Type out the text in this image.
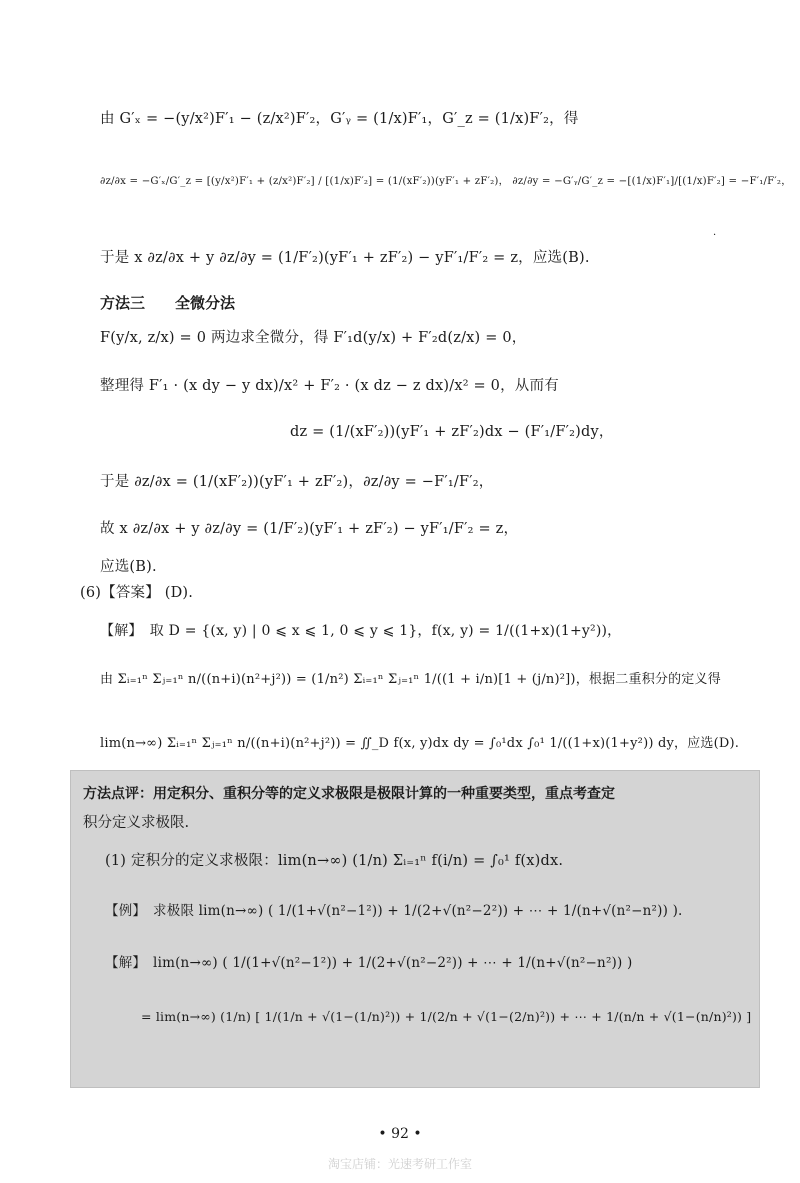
由 G′ₓ = −(y/x²)F′₁ − (z/x²)F′₂，G′ᵧ = (1/x)F′₁，G′_z = (1/x)F′₂，得
∂z/∂x = −G′ₓ/G′_z = [(y/x²)F′₁ + (z/x²)F′₂] / [(1/x)F′₂] = (1/(xF′₂))(yF′₁ + zF′₂)， ∂z/∂y = −G′ᵧ/G′_z = −[(1/x)F′₁]/[(1/x)F′₂] = −F′₁/F′₂，
·
于是 x ∂z/∂x + y ∂z/∂y = (1/F′₂)(yF′₁ + zF′₂) − yF′₁/F′₂ = z，应选(B).
方法三　　全微分法
F(y/x, z/x) = 0 两边求全微分，得 F′₁d(y/x) + F′₂d(z/x) = 0，
整理得 F′₁ · (x dy − y dx)/x² + F′₂ · (x dz − z dx)/x² = 0，从而有
dz = (1/(xF′₂))(yF′₁ + zF′₂)dx − (F′₁/F′₂)dy，
于是 ∂z/∂x = (1/(xF′₂))(yF′₁ + zF′₂)，∂z/∂y = −F′₁/F′₂，
故 x ∂z/∂x + y ∂z/∂y = (1/F′₂)(yF′₁ + zF′₂) − yF′₁/F′₂ = z，
应选(B).
(6)【答案】 (D).
【解】　取 D = {(x, y) | 0 ⩽ x ⩽ 1, 0 ⩽ y ⩽ 1}，f(x, y) = 1/((1+x)(1+y²))，
由 Σᵢ₌₁ⁿ Σⱼ₌₁ⁿ n/((n+i)(n²+j²)) = (1/n²) Σᵢ₌₁ⁿ Σⱼ₌₁ⁿ 1/((1 + i/n)[1 + (j/n)²])，根据二重积分的定义得
lim(n→∞) Σᵢ₌₁ⁿ Σⱼ₌₁ⁿ n/((n+i)(n²+j²)) = ∬_D f(x, y)dx dy = ∫₀¹dx ∫₀¹ 1/((1+x)(1+y²)) dy，应选(D).
方法点评：用定积分、重积分等的定义求极限是极限计算的一种重要类型，重点考查定
积分定义求极限.
(1) 定积分的定义求极限：lim(n→∞) (1/n) Σᵢ₌₁ⁿ f(i/n) = ∫₀¹ f(x)dx.
【例】　求极限 lim(n→∞) ( 1/(1+√(n²−1²)) + 1/(2+√(n²−2²)) + ⋯ + 1/(n+√(n²−n²)) ).
【解】　lim(n→∞) ( 1/(1+√(n²−1²)) + 1/(2+√(n²−2²)) + ⋯ + 1/(n+√(n²−n²)) )
= lim(n→∞) (1/n) [ 1/(1/n + √(1−(1/n)²)) + 1/(2/n + √(1−(2/n)²)) + ⋯ + 1/(n/n + √(1−(n/n)²)) ]
• 92 •
淘宝店铺：光速考研工作室
